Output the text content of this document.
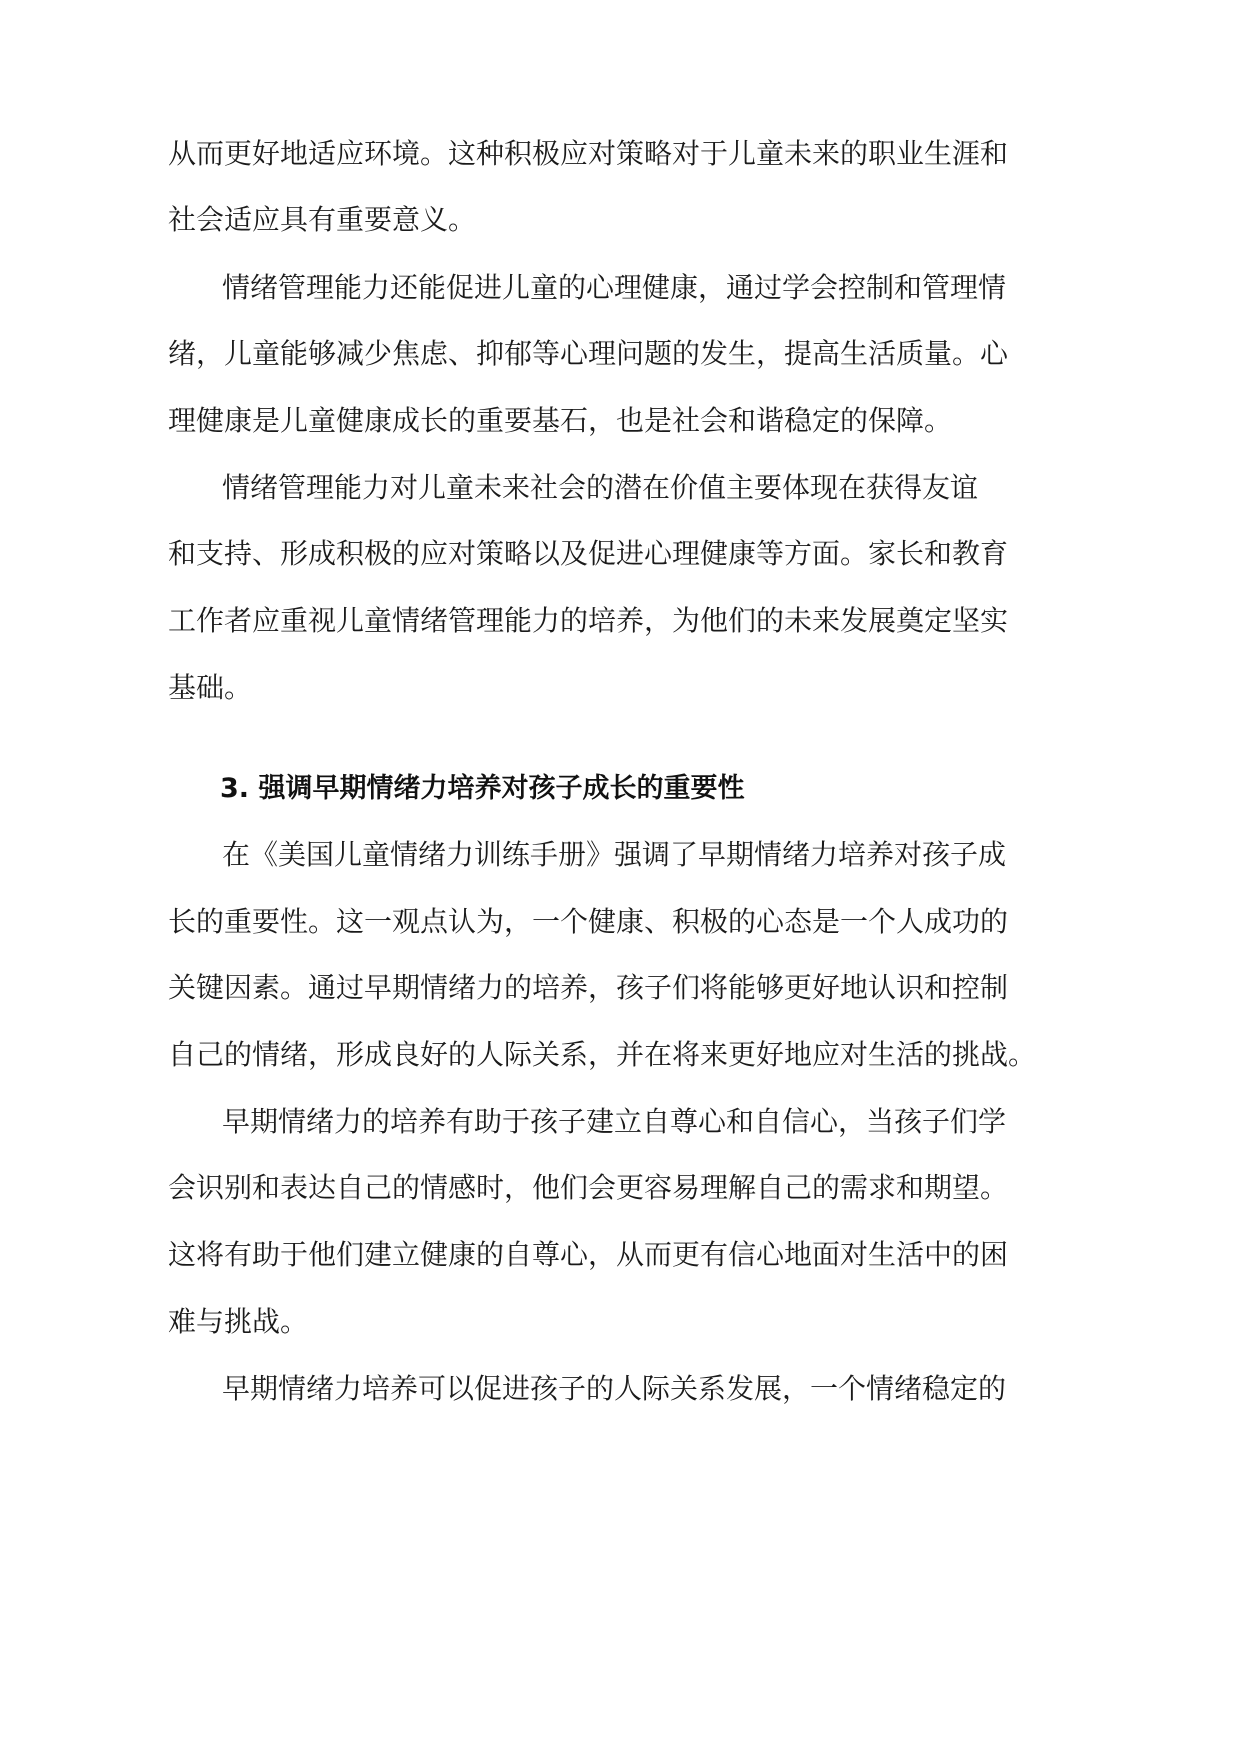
从而更好地适应环境。这种积极应对策略对于儿童未来的职业生涯和
社会适应具有重要意义。
情绪管理能力还能促进儿童的心理健康，通过学会控制和管理情
绪，儿童能够减少焦虑、抑郁等心理问题的发生，提高生活质量。心
理健康是儿童健康成长的重要基石，也是社会和谐稳定的保障。
情绪管理能力对儿童未来社会的潜在价值主要体现在获得友谊
和支持、形成积极的应对策略以及促进心理健康等方面。家长和教育
工作者应重视儿童情绪管理能力的培养，为他们的未来发展奠定坚实
基础。
3. 强调早期情绪力培养对孩子成长的重要性
在《美国儿童情绪力训练手册》强调了早期情绪力培养对孩子成
长的重要性。这一观点认为，一个健康、积极的心态是一个人成功的
关键因素。通过早期情绪力的培养，孩子们将能够更好地认识和控制
自己的情绪，形成良好的人际关系，并在将来更好地应对生活的挑战。
早期情绪力的培养有助于孩子建立自尊心和自信心，当孩子们学
会识别和表达自己的情感时，他们会更容易理解自己的需求和期望。
这将有助于他们建立健康的自尊心，从而更有信心地面对生活中的困
难与挑战。
早期情绪力培养可以促进孩子的人际关系发展，一个情绪稳定的
